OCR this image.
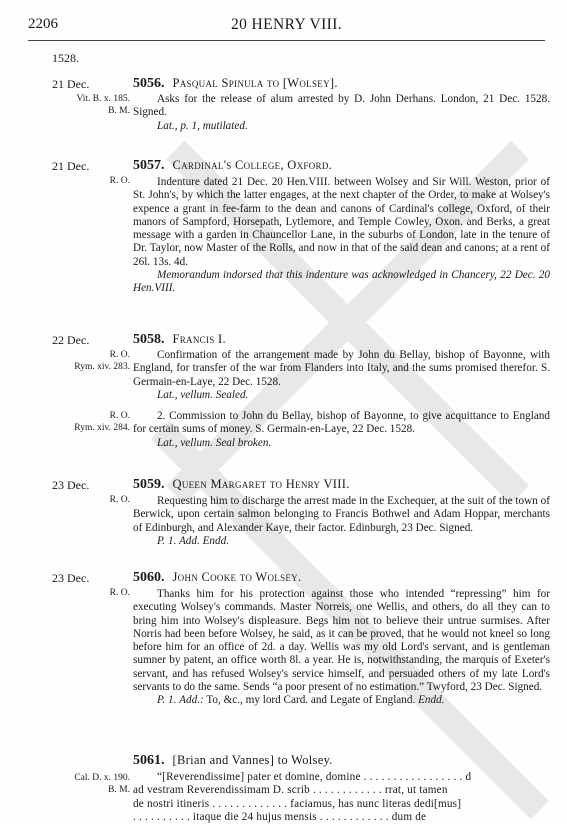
2206	20 HENRY VIII.
1528.
21 Dec.
Vit. B. x. 185.
B. M.
5056. Pasqual Spinula to [Wolsey].

Asks for the release of alum arrested by D. John Derhans. London, 21 Dec. 1528. Signed.

Lat., p. 1, mutilated.

21 Dec.
R. O.
5057. Cardinal's College, Oxford.

Indenture dated 21 Dec. 20 Hen.VIII. between Wolsey and Sir Will. Weston, prior of St. John's, by which the latter engages, at the next chapter of the Order, to make at Wolsey's expence a grant in fee-farm to the dean and canons of Cardinal's college, Oxford, of their manors of Sampford, Horsepath, Lytlemore, and Temple Cowley, Oxon. and Berks, a great message with a garden in Chauncellor Lane, in the suburbs of London, late in the tenure of Dr. Taylor, now Master of the Rolls, and now in that of the said dean and canons; at a rent of 26l. 13s. 4d.

Memorandum indorsed that this indenture was acknowledged in Chancery, 22 Dec. 20 Hen.VIII.

22 Dec.
R. O.
Rym. xiv. 283.
5058. Francis I.

Confirmation of the arrangement made by John du Bellay, bishop of Bayonne, with England, for transfer of the war from Flanders into Italy, and the sums promised therefor. S. Germain-en-Laye, 22 Dec. 1528.

Lat., vellum. Sealed.

R. O.
Rym. xiv. 284.

2. Commission to John du Bellay, bishop of Bayonne, to give acquittance to England for certain sums of money. S. Germain-en-Laye, 22 Dec. 1528.

Lat., vellum. Seal broken.

23 Dec.
R. O.
5059. Queen Margaret to Henry VIII.

Requesting him to discharge the arrest made in the Exchequer, at the suit of the town of Berwick, upon certain salmon belonging to Francis Bothwel and Adam Hoppar, merchants of Edinburgh, and Alexander Kaye, their factor. Edinburgh, 23 Dec. Signed.

P. 1. Add. Endd.

23 Dec.
R. O.
5060. John Cooke to Wolsey.

Thanks him for his protection against those who intended “repressing” him for executing Wolsey's commands. Master Norreis, one Wellis, and others, do all they can to bring him into Wolsey's displeasure. Begs him not to believe their untrue surmises. After Norris had been before Wolsey, he said, as it can be proved, that he would not kneel so long before him for an office of 2d. a day. Wellis was my old Lord's servant, and is gentleman sumner by patent, an office worth 8l. a year. He is, notwithstanding, the marquis of Exeter's servant, and has refused Wolsey's service himself, and persuaded others of my late Lord's servants to do the same. Sends “a poor present of no estimation.” Twyford, 23 Dec. Signed.

P. 1. Add.: To, &c., my lord Card. and Legate of England. Endd.

Cal. D. x. 190.
B. M.
5061. [Brian and Vannes] to Wolsey.
“[Reverendissime] pater et domine, domine . . . . . . . . . . . . . . . . . d
ad vestram Reverendissimam D. scrib . . . . . . . . . . . . rrat, ut tamen
de nostri itineris . . . . . . . . . . . . . faciamus, has nunc literas dedi[mus]
. . . . . . . . . . itaque die 24 hujus mensis . . . . . . . . . . . . dum de
